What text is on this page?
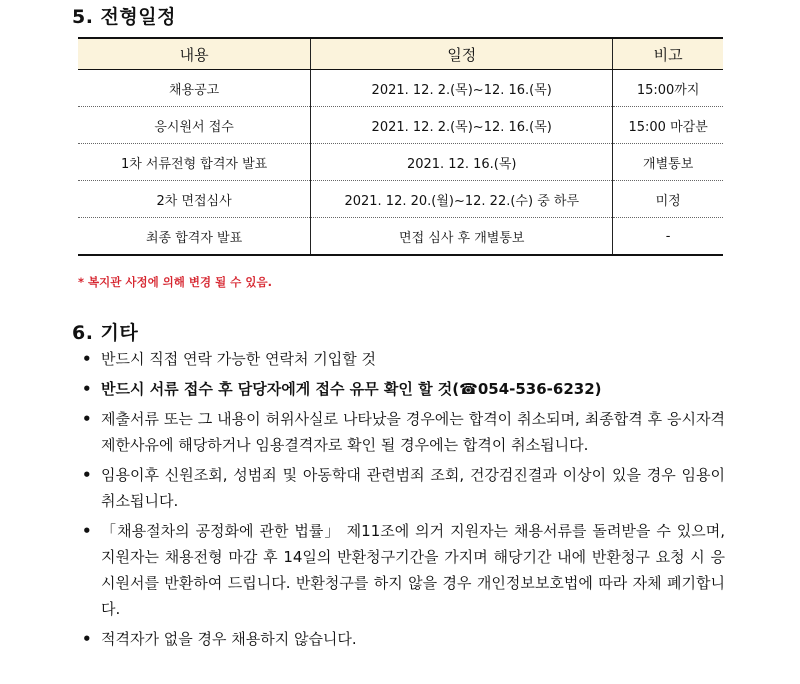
5. 전형일정
내용	일정	비고
채용공고	2021. 12. 2.(목)~12. 16.(목)	15:00까지
응시원서 접수	2021. 12. 2.(목)~12. 16.(목)	15:00 마감분
1차 서류전형 합격자 발표	2021. 12. 16.(목)	개별통보
2차 면접심사	2021. 12. 20.(월)~12. 22.(수) 중 하루	미정
최종 합격자 발표	면접 심사 후 개별통보	-
* 복지관 사정에 의해 변경 될 수 있음.
6. 기타
• 반드시 직접 연락 가능한 연락처 기입할 것
• 반드시 서류 접수 후 담당자에게 접수 유무 확인 할 것(☎054-536-6232)
• 제출서류 또는 그 내용이 허위사실로 나타났을 경우에는 합격이 취소되며, 최종합격 후 응시자격 제한사유에 해당하거나 임용결격자로 확인 될 경우에는 합격이 취소됩니다.
• 임용이후 신원조회, 성범죄 및 아동학대 관련범죄 조회, 건강검진결과 이상이 있을 경우 임용이 취소됩니다.
• 「채용절차의 공정화에 관한 법률」 제11조에 의거 지원자는 채용서류를 돌려받을 수 있으며, 지원자는 채용전형 마감 후 14일의 반환청구기간을 가지며 해당기간 내에 반환청구 요청 시 응시원서를 반환하여 드립니다. 반환청구를 하지 않을 경우 개인정보보호법에 따라 자체 폐기합니다.
• 적격자가 없을 경우 채용하지 않습니다.
